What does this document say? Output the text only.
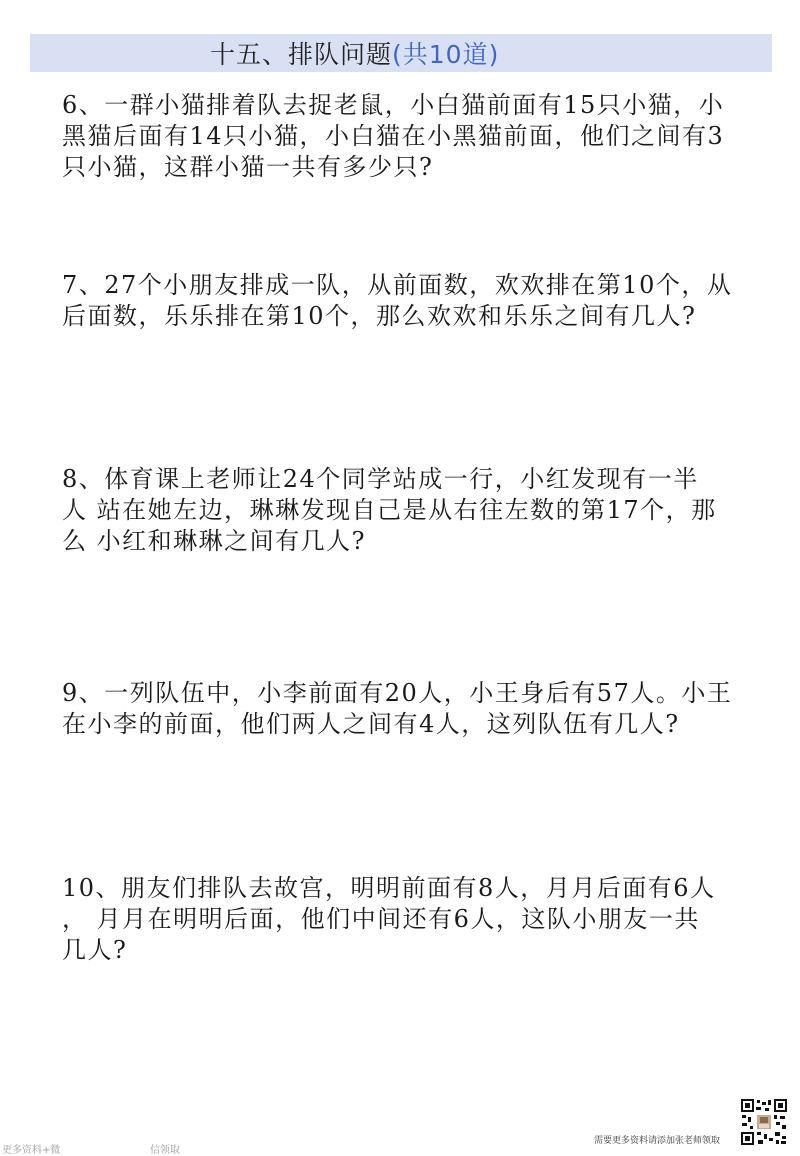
十五、排队问题(共10道)
6、一群小猫排着队去捉老鼠，小白猫前面有15只小猫，小
黑猫后面有14只小猫，小白猫在小黑猫前面，他们之间有3
只小猫，这群小猫一共有多少只?
7、27个小朋友排成一队，从前面数，欢欢排在第10个，从
后面数，乐乐排在第10个，那么欢欢和乐乐之间有几人?
8、体育课上老师让24个同学站成一行，小红发现有一半
人 站在她左边，琳琳发现自己是从右往左数的第17个，那
么 小红和琳琳之间有几人?
9、一列队伍中，小李前面有20人，小王身后有57人。小王
在小李的前面，他们两人之间有4人，这列队伍有几人?
10、朋友们排队去故宫，明明前面有8人，月月后面有6人
， 月月在明明后面，他们中间还有6人，这队小朋友一共
几人?
更多资料+微	信领取
需要更多资料请添加张老师领取
